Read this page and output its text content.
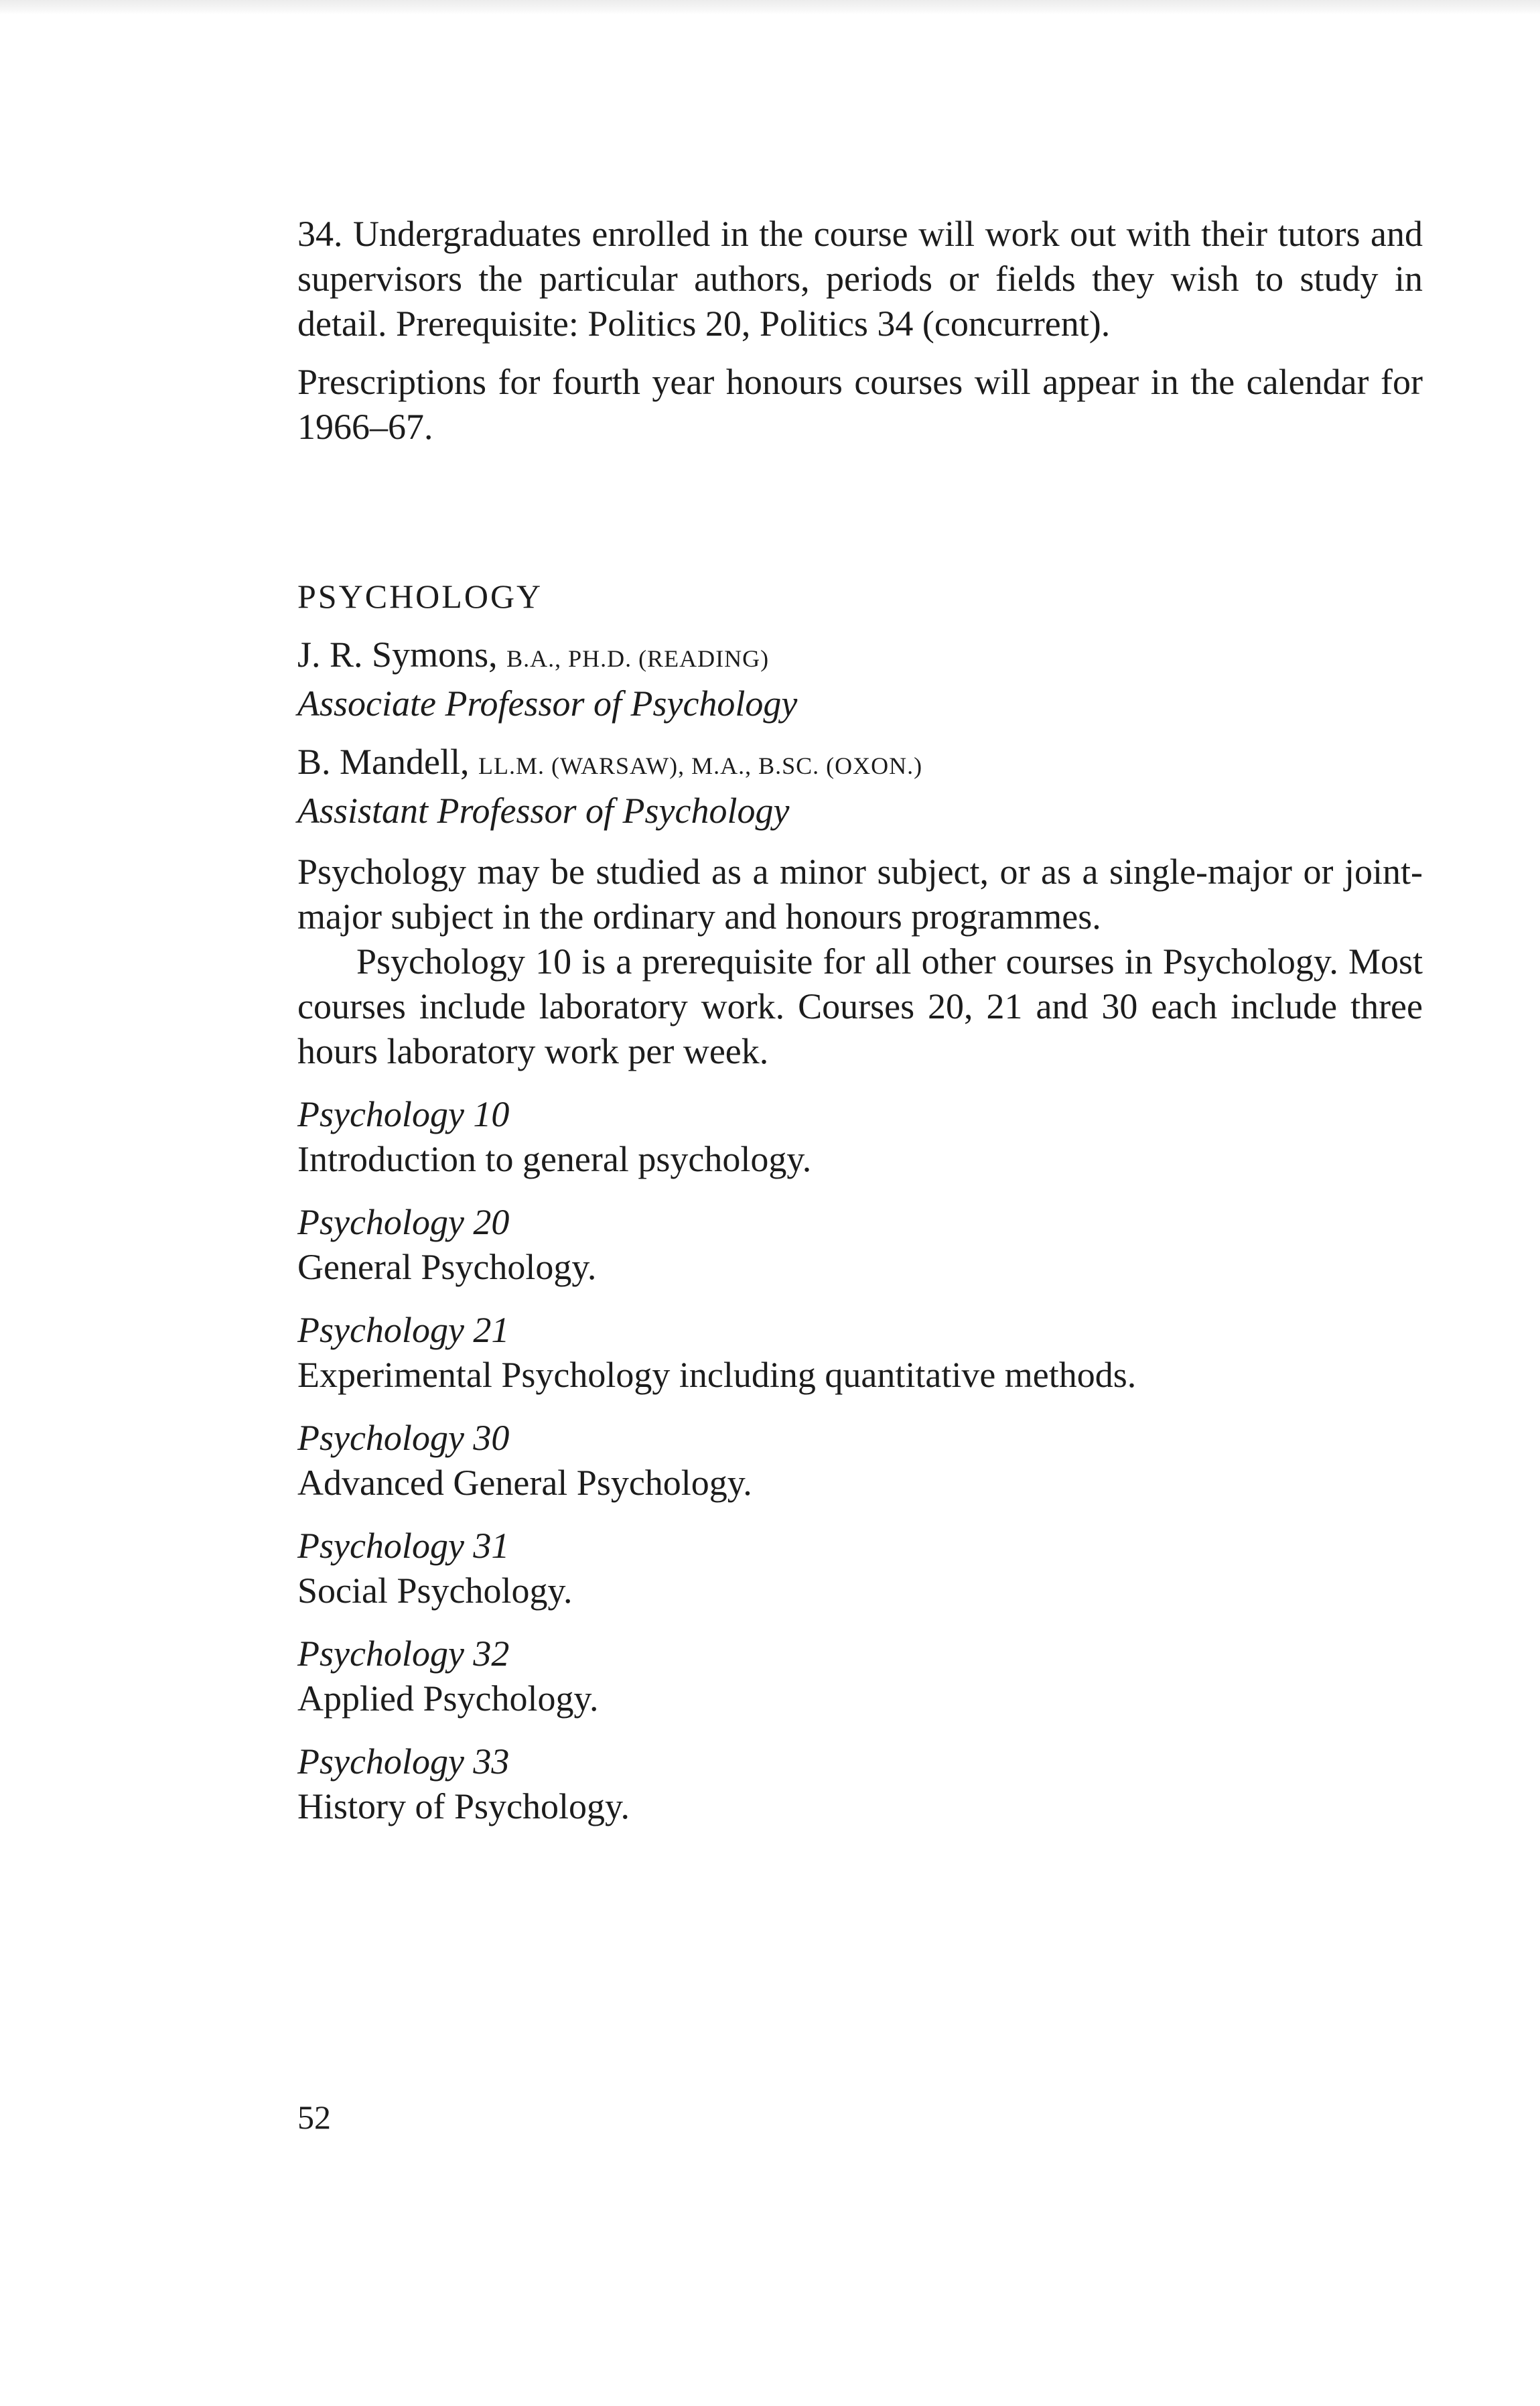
34. Undergraduates enrolled in the course will work out with their tutors and supervisors the particular authors, periods or fields they wish to study in detail. Prerequisite: Politics 20, Politics 34 (concurrent).

Prescriptions for fourth year honours courses will appear in the calendar for 1966–67.

PSYCHOLOGY

J. R. Symons, B.A., PH.D. (READING)
Associate Professor of Psychology
B. Mandell, LL.M. (WARSAW), M.A., B.SC. (OXON.)
Assistant Professor of Psychology

Psychology may be studied as a minor subject, or as a single-major or joint-major subject in the ordinary and honours programmes.

Psychology 10 is a prerequisite for all other courses in Psychology. Most courses include laboratory work. Courses 20, 21 and 30 each include three hours laboratory work per week.

Psychology 10
Introduction to general psychology.
Psychology 20
General Psychology.
Psychology 21
Experimental Psychology including quantitative methods.
Psychology 30
Advanced General Psychology.
Psychology 31
Social Psychology.
Psychology 32
Applied Psychology.
Psychology 33
History of Psychology.
52
